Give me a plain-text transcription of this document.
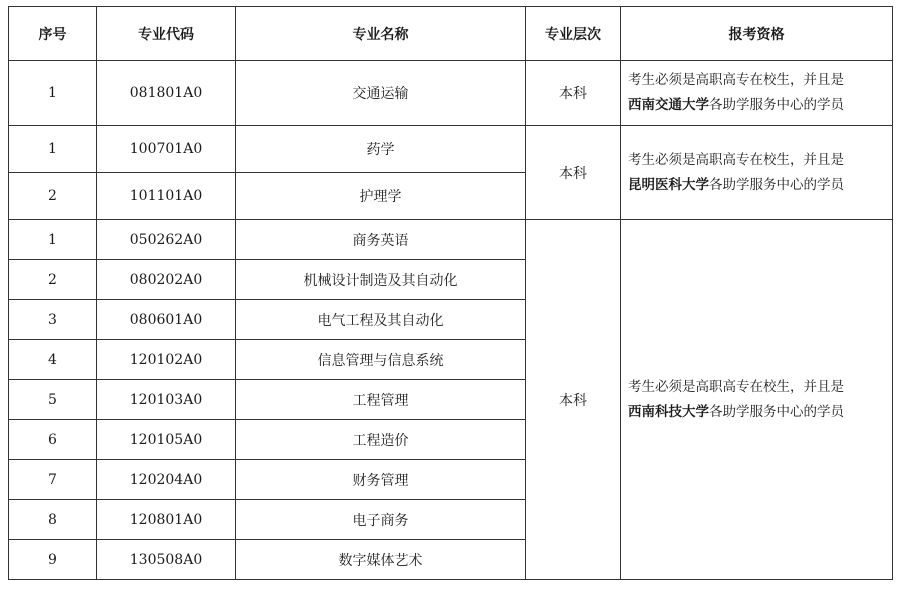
序号	专业代码	专业名称	专业层次	报考资格
1	081801A0	交通运输	本科	考生必须是高职高专在校生，并且是
西南交通大学各助学服务中心的学员
1	100701A0	药学	本科	考生必须是高职高专在校生，并且是
昆明医科大学各助学服务中心的学员
2	101101A0	护理学		
1	050262A0	商务英语	本科	考生必须是高职高专在校生，并且是
西南科技大学各助学服务中心的学员
2	080202A0	机械设计制造及其自动化		
3	080601A0	电气工程及其自动化		
4	120102A0	信息管理与信息系统		
5	120103A0	工程管理		
6	120105A0	工程造价		
7	120204A0	财务管理		
8	120801A0	电子商务		
9	130508A0	数字媒体艺术		
